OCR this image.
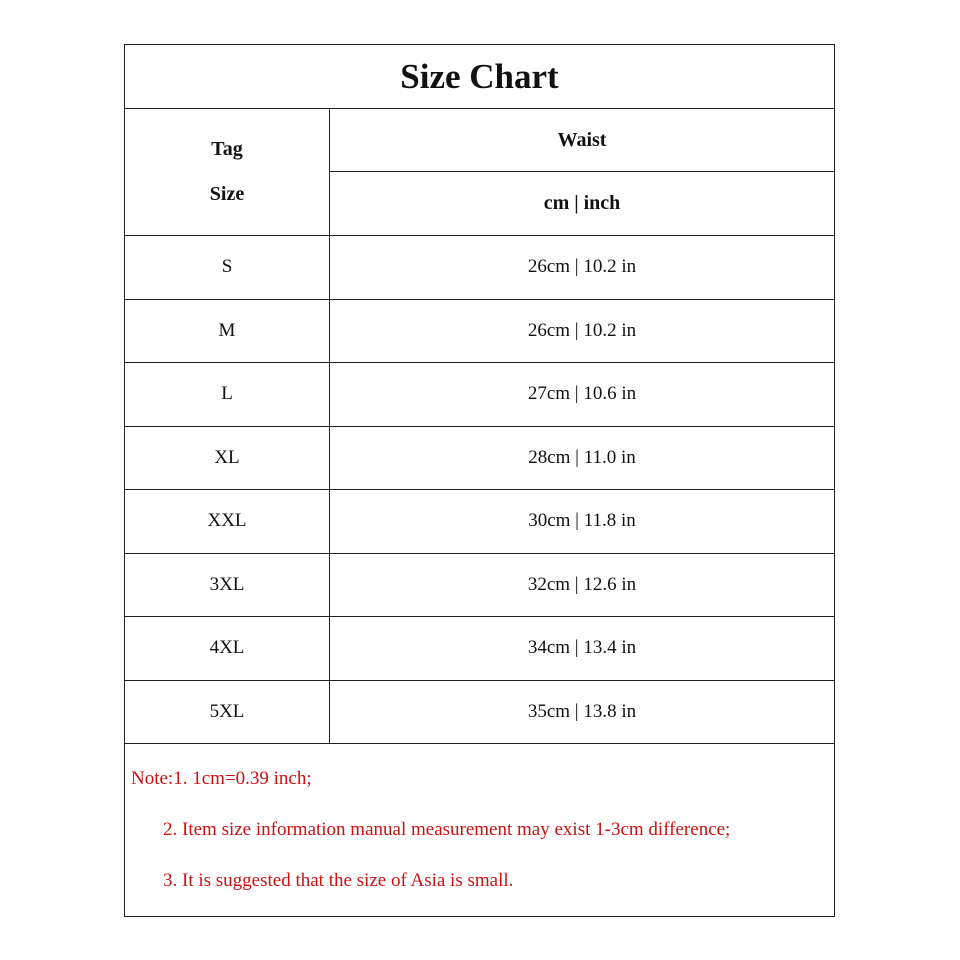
Size Chart
Tag
Size
Waist
cm | inch
S	26cm | 10.2 in
M	26cm | 10.2 in
L	27cm | 10.6 in
XL	28cm | 11.0 in
XXL	30cm | 11.8 in
3XL	32cm | 12.6 in
4XL	34cm | 13.4 in
5XL	35cm | 13.8 in
Note:1. 1cm=0.39 inch;
2. Item size information manual measurement may exist 1-3cm difference;
3. It is suggested that the size of Asia is small.
